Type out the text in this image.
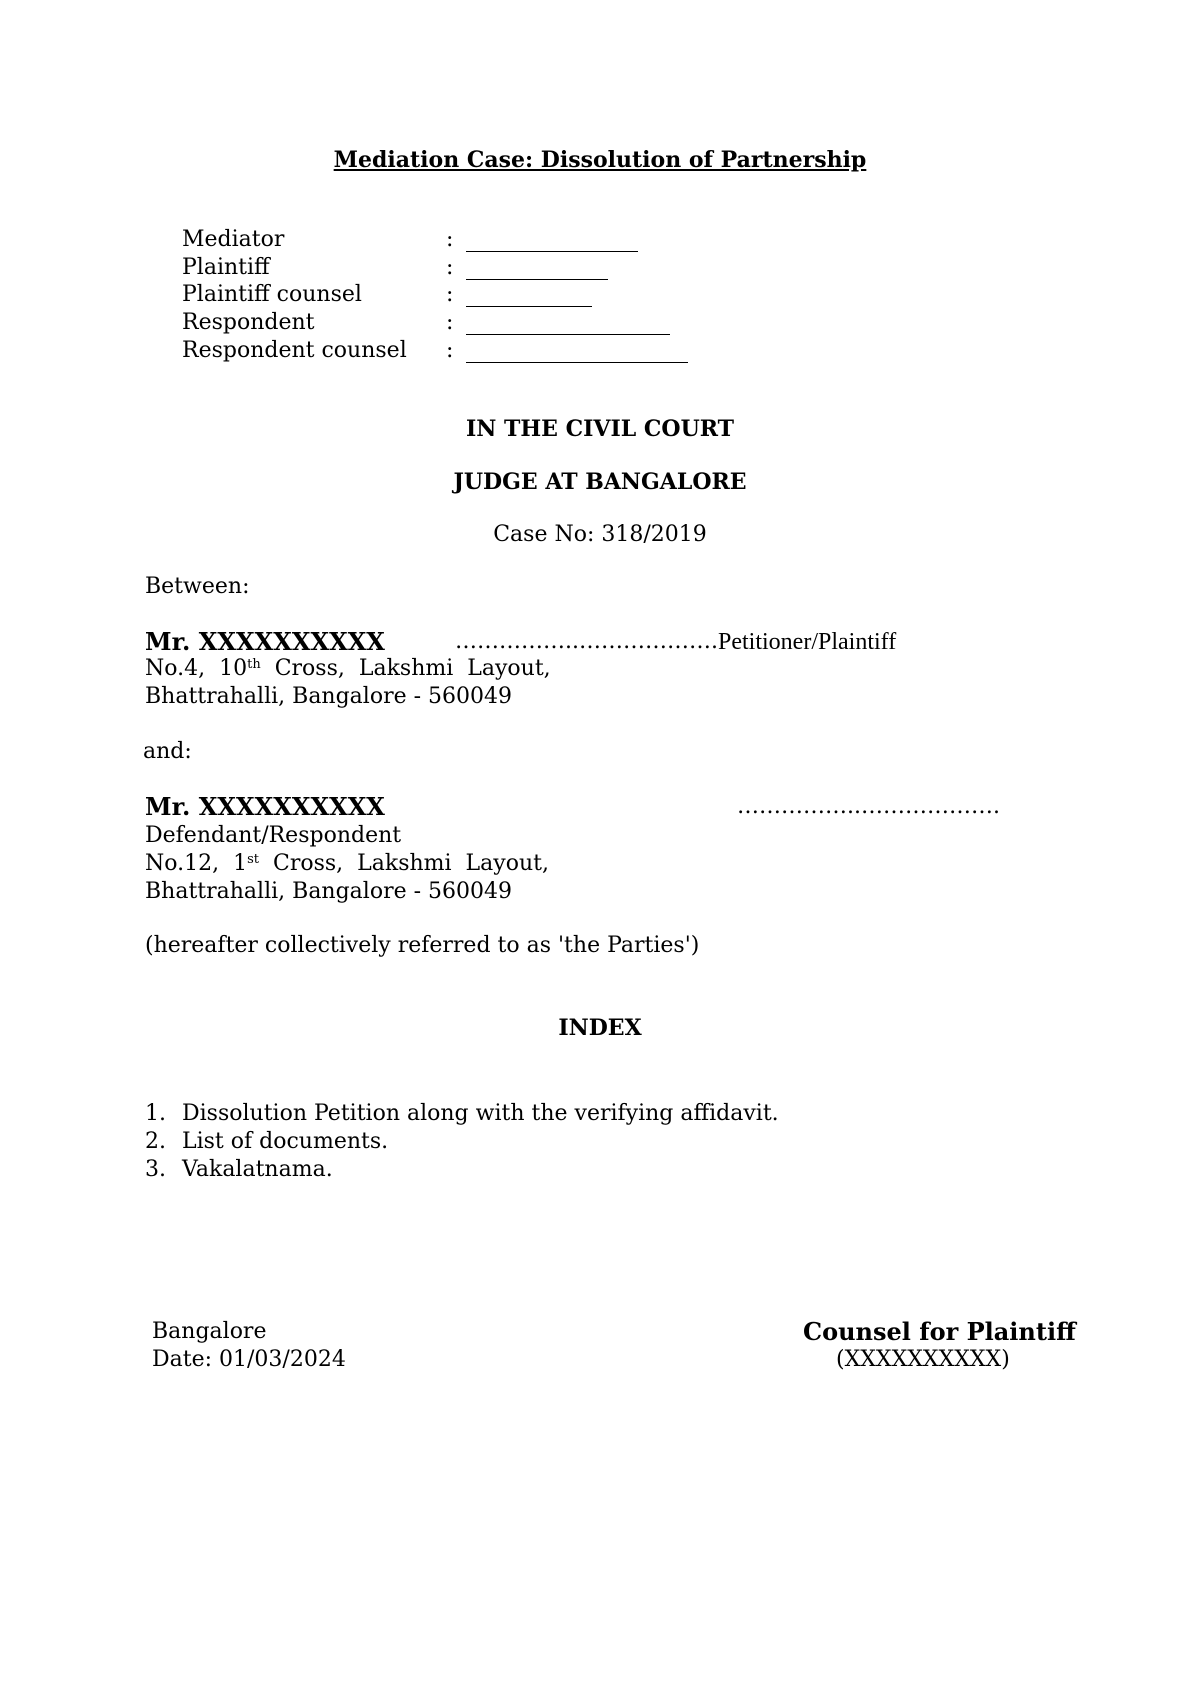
Mediation Case: Dissolution of Partnership
Mediator	:
Plaintiff	:
Plaintiff counsel	:
Respondent	:
Respondent counsel :
IN THE CIVIL COURT
JUDGE AT BANGALORE
Case No: 318/2019
Between:
Mr. XXXXXXXXXX	……………..………………. Petitioner/Plaintiff
No.4, 10th Cross,  Lakshmi  Layout,
Bhattrahalli, Bangalore - 560049
and:
Mr. XXXXXXXXXX	……………..……………….
Defendant/Respondent
No.12, 1st Cross,  Lakshmi  Layout,
Bhattrahalli, Bangalore - 560049
(hereafter collectively referred to as 'the Parties')
INDEX
1. Dissolution Petition along with the verifying affidavit.
2. List of documents.
3. Vakalatnama.
Bangalore
Date: 01/03/2024
Counsel for Plaintiff
(XXXXXXXXXX)
